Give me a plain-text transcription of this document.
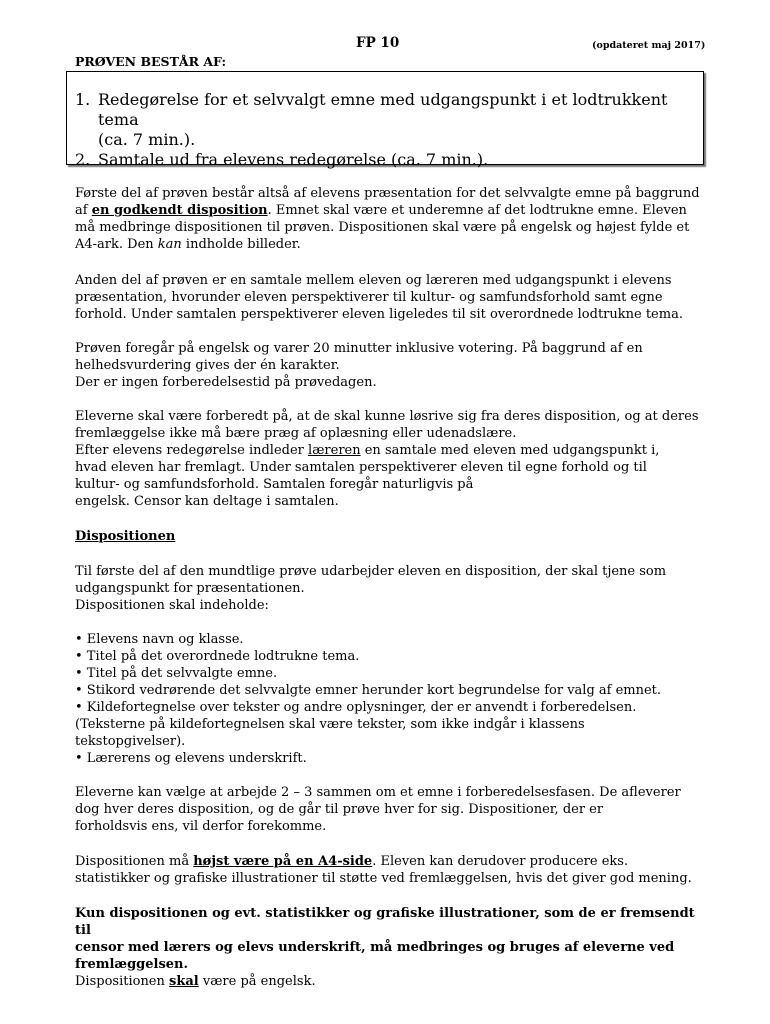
FP 10	(opdateret maj 2017)
PRØVEN BESTÅR AF:
1. Redegørelse for et selvvalgt emne med udgangspunkt i et lodtrukkent tema
(ca. 7 min.).
2. Samtale ud fra elevens redegørelse (ca. 7 min.).

Første del af prøven består altså af elevens præsentation for det selvvalgte emne på baggrund

af en godkendt disposition. Emnet skal være et underemne af det lodtrukne emne. Eleven

må medbringe dispositionen til prøven. Dispositionen skal være på engelsk og højest fylde et

A4-ark. Den kan indholde billeder.

Anden del af prøven er en samtale mellem eleven og læreren med udgangspunkt i elevens

præsentation, hvorunder eleven perspektiverer til kultur- og samfundsforhold samt egne

forhold. Under samtalen perspektiverer eleven ligeledes til sit overordnede lodtrukne tema.

Prøven foregår på engelsk og varer 20 minutter inklusive votering. På baggrund af en

helhedsvurdering gives der én karakter.

Der er ingen forberedelsestid på prøvedagen.

Eleverne skal være forberedt på, at de skal kunne løsrive sig fra deres disposition, og at deres

fremlæggelse ikke må bære præg af oplæsning eller udenadslære.

Efter elevens redegørelse indleder læreren en samtale med eleven med udgangspunkt i,

hvad eleven har fremlagt. Under samtalen perspektiverer eleven til egne forhold og til

kultur- og samfundsforhold. Samtalen foregår naturligvis på

engelsk. Censor kan deltage i samtalen.

Dispositionen

Til første del af den mundtlige prøve udarbejder eleven en disposition, der skal tjene som

udgangspunkt for præsentationen.

Dispositionen skal indeholde:

• Elevens navn og klasse.

• Titel på det overordnede lodtrukne tema.

• Titel på det selvvalgte emne.

• Stikord vedrørende det selvvalgte emner herunder kort begrundelse for valg af emnet.

• Kildefortegnelse over tekster og andre oplysninger, der er anvendt i forberedelsen.

(Teksterne på kildefortegnelsen skal være tekster, som ikke indgår i klassens

tekstopgivelser).

• Lærerens og elevens underskrift.

Eleverne kan vælge at arbejde 2 – 3 sammen om et emne i forberedelsesfasen. De afleverer

dog hver deres disposition, og de går til prøve hver for sig. Dispositioner, der er

forholdsvis ens, vil derfor forekomme.

Dispositionen må højst være på en A4-side. Eleven kan derudover producere eks.

statistikker og grafiske illustrationer til støtte ved fremlæggelsen, hvis det giver god mening.

Kun dispositionen og evt. statistikker og grafiske illustrationer, som de er fremsendt til

censor med lærers og elevs underskrift, må medbringes og bruges af eleverne ved

fremlæggelsen.

Dispositionen skal være på engelsk.
